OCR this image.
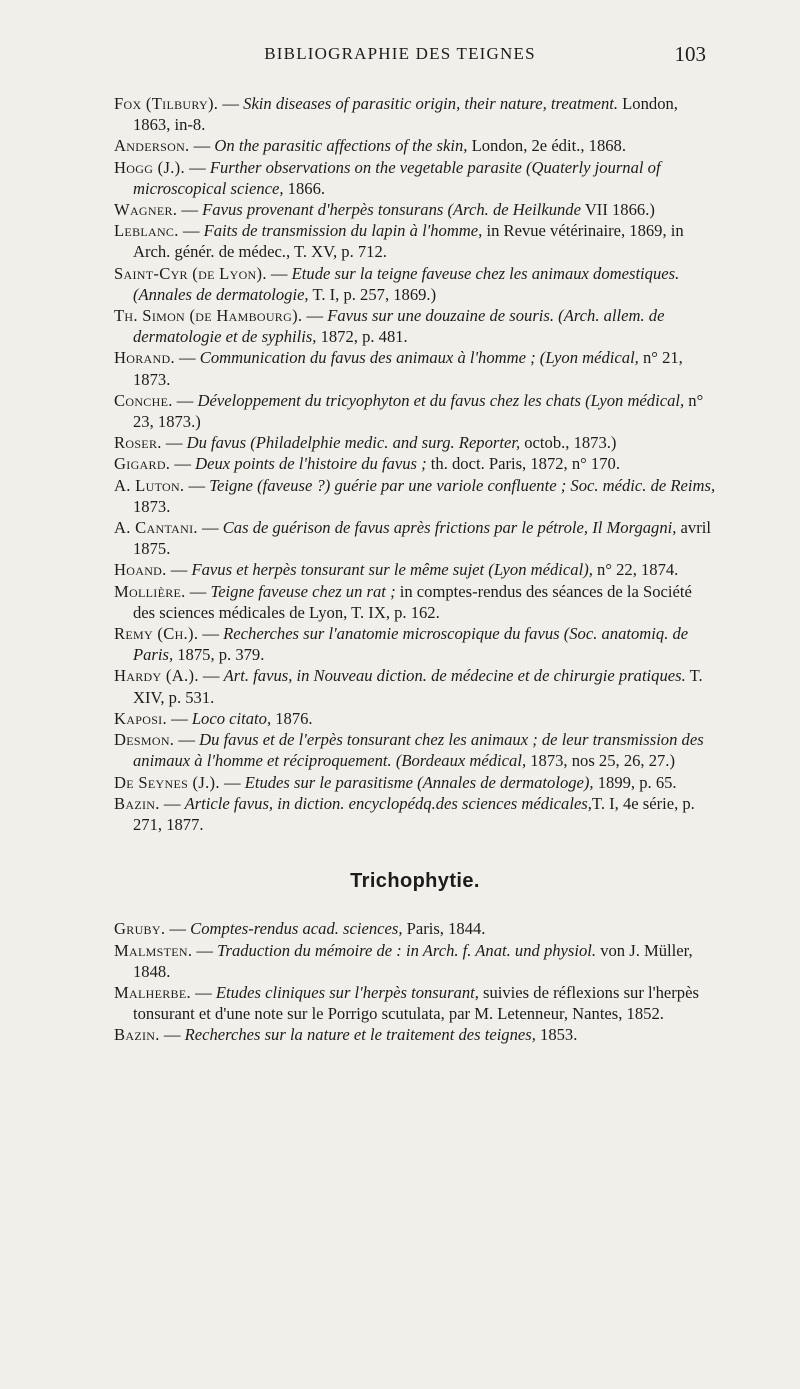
BIBLIOGRAPHIE DES TEIGNES	103

Fox (Tilbury). — Skin diseases of parasitic origin, their nature, treatment. London, 1863, in-8.

Anderson. — On the parasitic affections of the skin, London, 2e édit., 1868.

Hogg (J.). — Further observations on the vegetable parasite (Quaterly journal of microscopical science, 1866.

Wagner. — Favus provenant d'herpès tonsurans (Arch. de Heilkunde VII 1866.)

Leblanc. — Faits de transmission du lapin à l'homme, in Revue vétérinaire, 1869, in Arch. génér. de médec., T. XV, p. 712.

Saint-Cyr (de Lyon). — Etude sur la teigne faveuse chez les animaux domestiques. (Annales de dermatologie, T. I, p. 257, 1869.)

Th. Simon (de Hambourg). — Favus sur une douzaine de souris. (Arch. allem. de dermatologie et de syphilis, 1872, p. 481.

Horand. — Communication du favus des animaux à l'homme ; (Lyon médical, n° 21, 1873.

Conche. — Développement du tricyophyton et du favus chez les chats (Lyon médical, n° 23, 1873.)

Roser. — Du favus (Philadelphie medic. and surg. Reporter, octob., 1873.)

Gigard. — Deux points de l'histoire du favus ; th. doct. Paris, 1872, n° 170.

A. Luton. — Teigne (faveuse ?) guérie par une variole confluente ; Soc. médic. de Reims, 1873.

A. Cantani. — Cas de guérison de favus après frictions par le pétrole, Il Morgagni, avril 1875.

Hoand. — Favus et herpès tonsurant sur le même sujet (Lyon médical), n° 22, 1874.

Mollière. — Teigne faveuse chez un rat ; in comptes-rendus des séances de la Société des sciences médicales de Lyon, T. IX, p. 162.

Remy (Ch.). — Recherches sur l'anatomie microscopique du favus (Soc. anatomiq. de Paris, 1875, p. 379.

Hardy (A.). — Art. favus, in Nouveau diction. de médecine et de chirurgie pratiques. T. XIV, p. 531.

Kaposi. — Loco citato, 1876.

Desmon. — Du favus et de l'erpès tonsurant chez les animaux ; de leur transmission des animaux à l'homme et réciproquement. (Bordeaux médical, 1873, nos 25, 26, 27.)

De Seynes (J.). — Etudes sur le parasitisme (Annales de dermatologe), 1899, p. 65.

Bazin. — Article favus, in diction. encyclopédq.des sciences médicales,T. I, 4e série, p. 271, 1877.

Trichophytie.

Gruby. — Comptes-rendus acad. sciences, Paris, 1844.

Malmsten. — Traduction du mémoire de : in Arch. f. Anat. und physiol. von J. Müller, 1848.

Malherbe. — Etudes cliniques sur l'herpès tonsurant, suivies de réflexions sur l'herpès tonsurant et d'une note sur le Porrigo scutulata, par M. Letenneur, Nantes, 1852.

Bazin. — Recherches sur la nature et le traitement des teignes, 1853.
